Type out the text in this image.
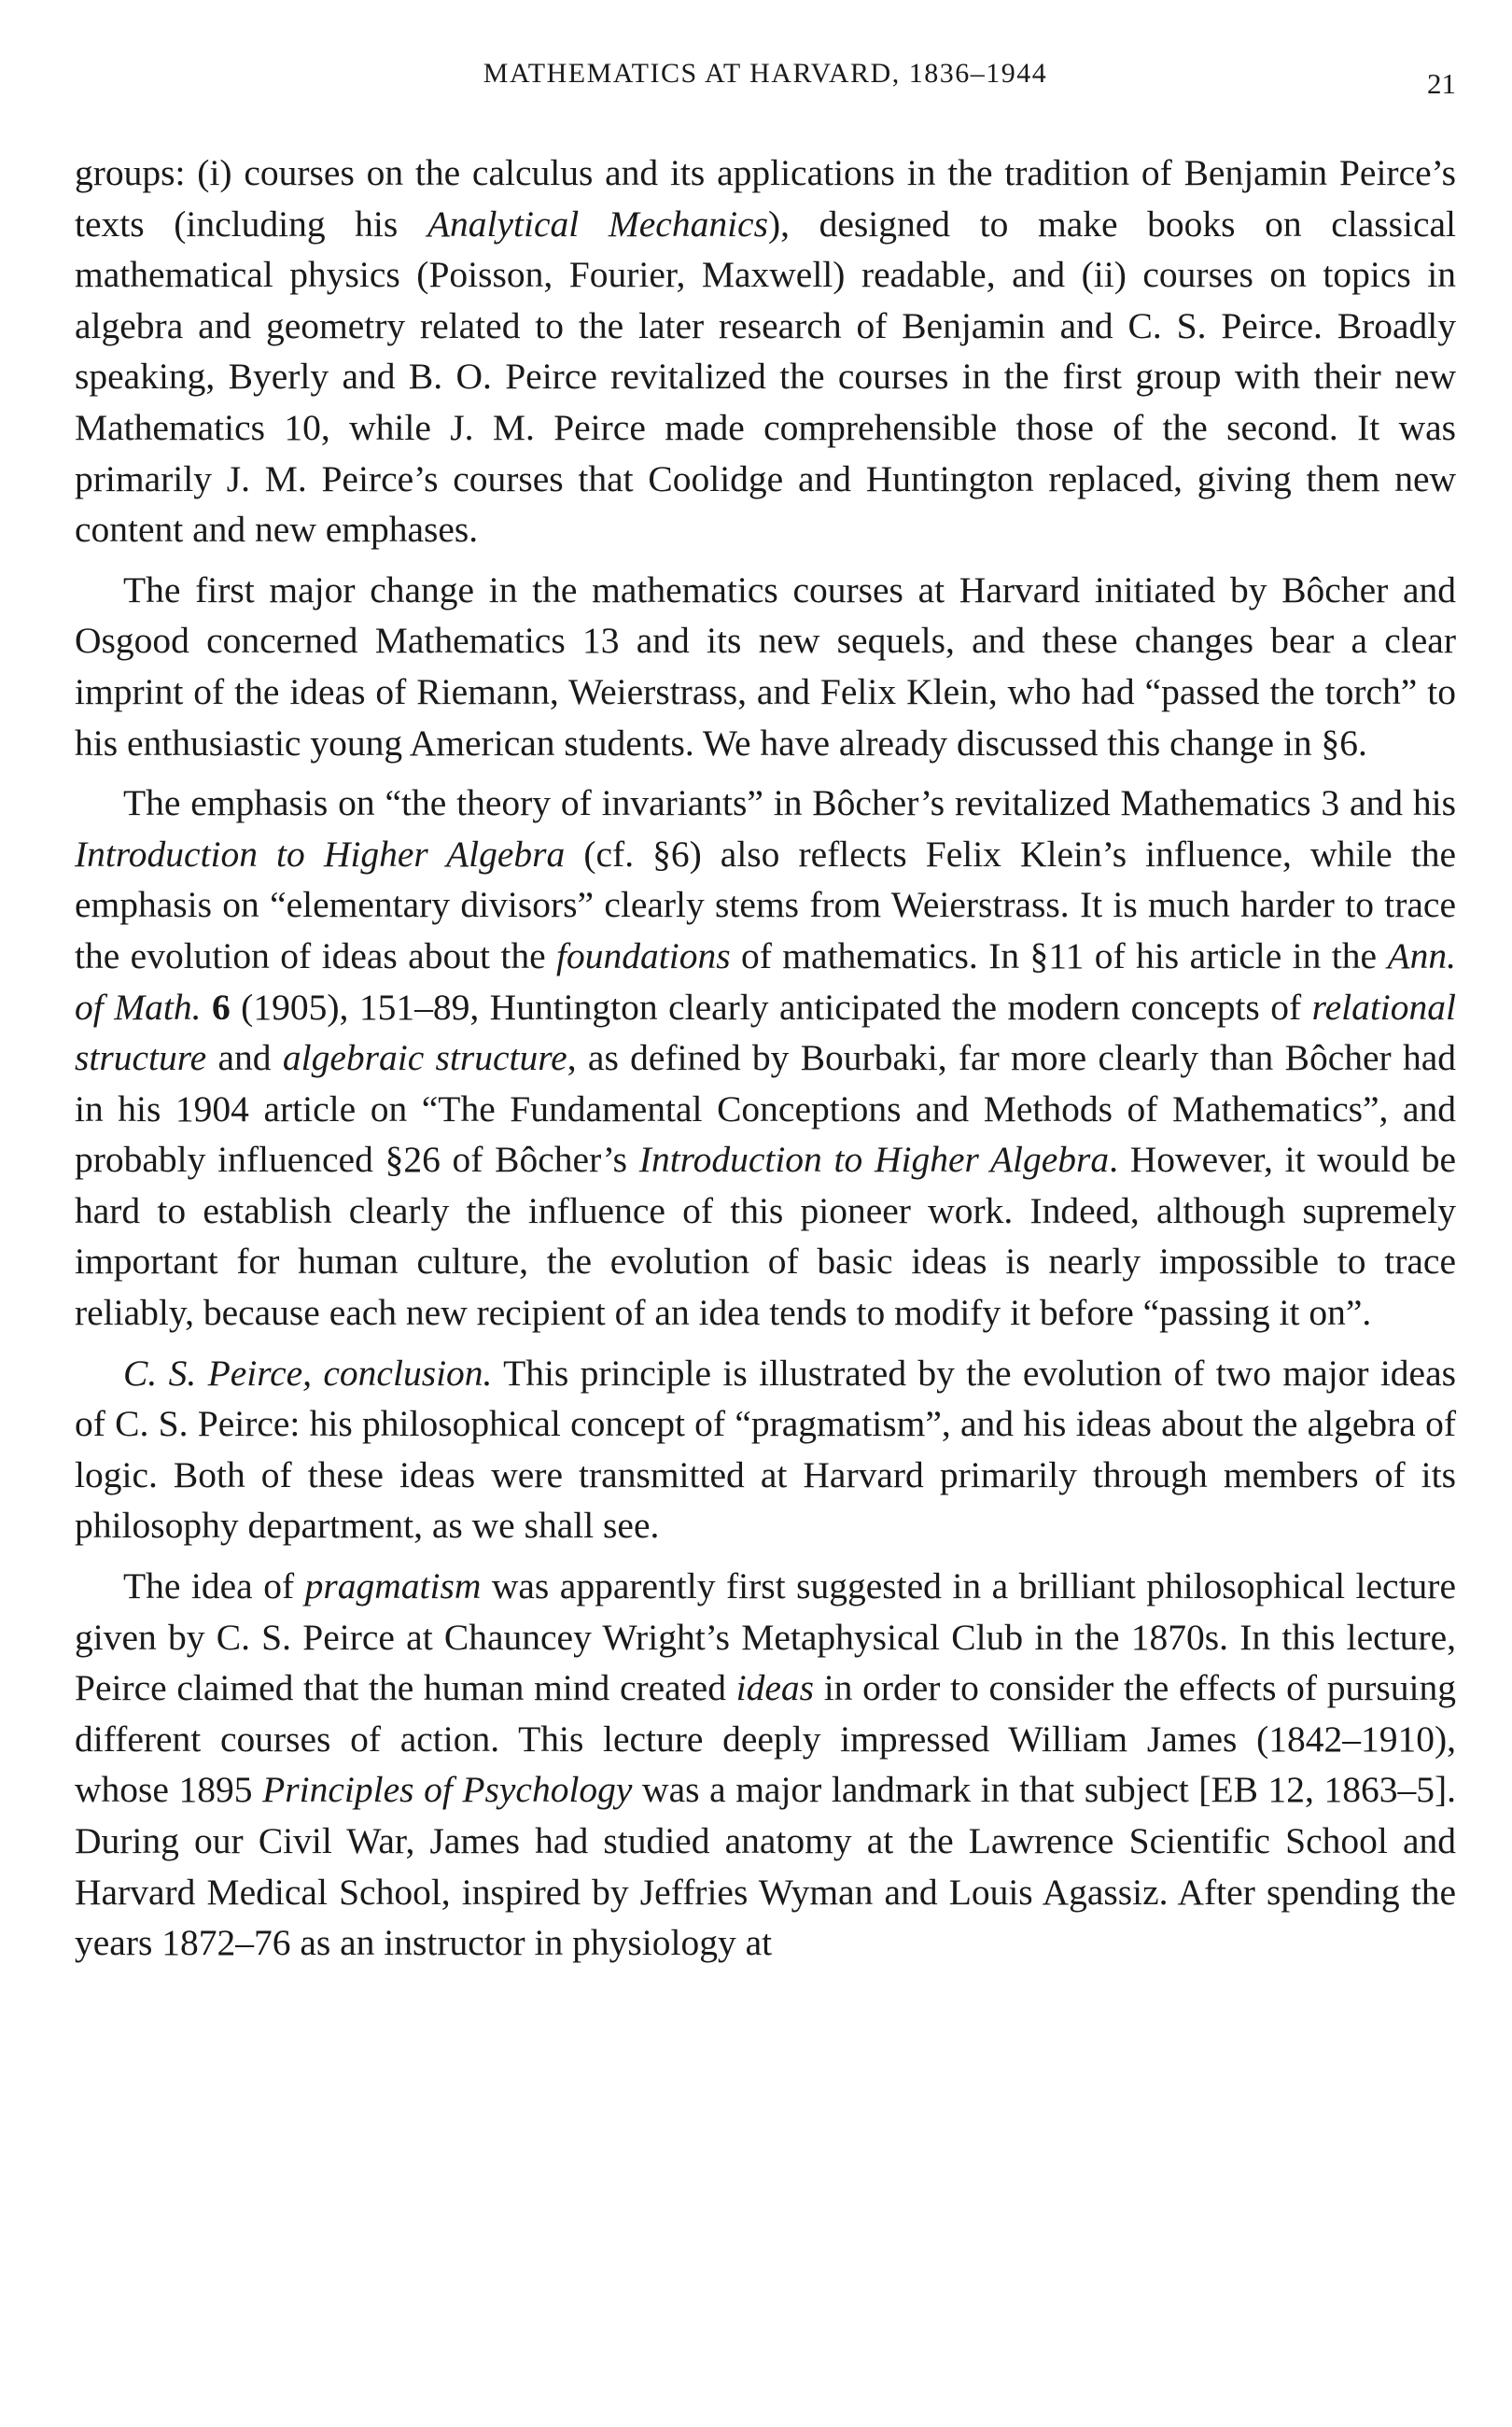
MATHEMATICS AT HARVARD, 1836–1944	21

groups: (i) courses on the calculus and its applications in the tradition of Benjamin Peirce’s texts (including his Analytical Mechanics), designed to make books on classical mathematical physics (Poisson, Fourier, Maxwell) readable, and (ii) courses on topics in algebra and geometry related to the later research of Benjamin and C. S. Peirce. Broadly speaking, Byerly and B. O. Peirce revitalized the courses in the first group with their new Mathematics 10, while J. M. Peirce made comprehensible those of the second. It was primarily J. M. Peirce’s courses that Coolidge and Huntington replaced, giving them new content and new emphases.

The first major change in the mathematics courses at Harvard initiated by Bôcher and Osgood concerned Mathematics 13 and its new sequels, and these changes bear a clear imprint of the ideas of Riemann, Weierstrass, and Felix Klein, who had “passed the torch” to his enthusiastic young American students. We have already discussed this change in §6.

The emphasis on “the theory of invariants” in Bôcher’s revitalized Mathematics 3 and his Introduction to Higher Algebra (cf. §6) also reflects Felix Klein’s influence, while the emphasis on “elementary divisors” clearly stems from Weierstrass. It is much harder to trace the evolution of ideas about the foundations of mathematics. In §11 of his article in the Ann. of Math. 6 (1905), 151–89, Huntington clearly anticipated the modern concepts of relational structure and algebraic structure, as defined by Bourbaki, far more clearly than Bôcher had in his 1904 article on “The Fundamental Conceptions and Methods of Mathematics”, and probably influenced §26 of Bôcher’s Introduction to Higher Algebra. However, it would be hard to establish clearly the influence of this pioneer work. Indeed, although supremely important for human culture, the evolution of basic ideas is nearly impossible to trace reliably, because each new recipient of an idea tends to modify it before “passing it on”.

C. S. Peirce, conclusion. This principle is illustrated by the evolution of two major ideas of C. S. Peirce: his philosophical concept of “pragmatism”, and his ideas about the algebra of logic. Both of these ideas were transmitted at Harvard primarily through members of its philosophy department, as we shall see.

The idea of pragmatism was apparently first suggested in a brilliant philosophical lecture given by C. S. Peirce at Chauncey Wright’s Metaphysical Club in the 1870s. In this lecture, Peirce claimed that the human mind created ideas in order to consider the effects of pursuing different courses of action. This lecture deeply impressed William James (1842–1910), whose 1895 Principles of Psychology was a major landmark in that subject [EB 12, 1863–5]. During our Civil War, James had studied anatomy at the Lawrence Scientific School and Harvard Medical School, inspired by Jeffries Wyman and Louis Agassiz. After spending the years 1872–76 as an instructor in physiology at
